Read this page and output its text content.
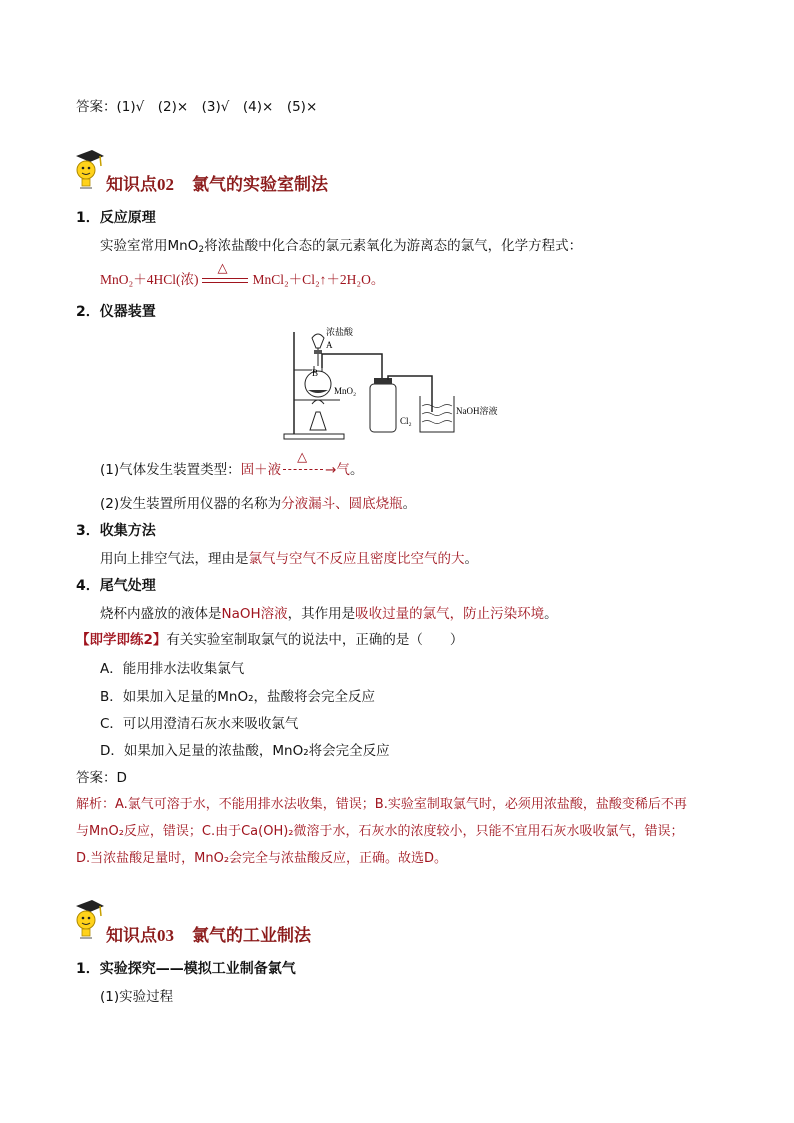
答案：(1)√　(2)×　(3)√　(4)×　(5)×
知识点02 氯气的实验室制法
1．反应原理
实验室常用MnO$_2$将浓盐酸中化合态的氯元素氧化为游离态的氯气，化学方程式：
MnO₂＋4HCl(浓)
△
MnCl₂＋Cl₂↑＋2H₂O。
2．仪器装置
浓盐酸
A
B
MnO₂
Cl₂
NaOH溶液
(1)气体发生装置类型：固＋液
△
→气。
(2)发生装置所用仪器的名称为分液漏斗、圆底烧瓶。
3．收集方法
用向上排空气法，理由是氯气与空气不反应且密度比空气的大。
4．尾气处理
烧杯内盛放的液体是NaOH溶液，其作用是吸收过量的氯气，防止污染环境。
【即学即练2】有关实验室制取氯气的说法中，正确的是（　　）
A．能用排水法收集氯气
B．如果加入足量的MnO₂，盐酸将会完全反应
C．可以用澄清石灰水来吸收氯气
D．如果加入足量的浓盐酸，MnO₂将会完全反应
答案：D
解析：A.氯气可溶于水，不能用排水法收集，错误；B.实验室制取氯气时，必须用浓盐酸，盐酸变稀后不再
与MnO₂反应，错误；C.由于Ca(OH)₂微溶于水，石灰水的浓度较小，只能不宜用石灰水吸收氯气，错误；
D.当浓盐酸足量时，MnO₂会完全与浓盐酸反应，正确。故选D。
知识点03 氯气的工业制法
1．实验探究——模拟工业制备氯气
(1)实验过程
